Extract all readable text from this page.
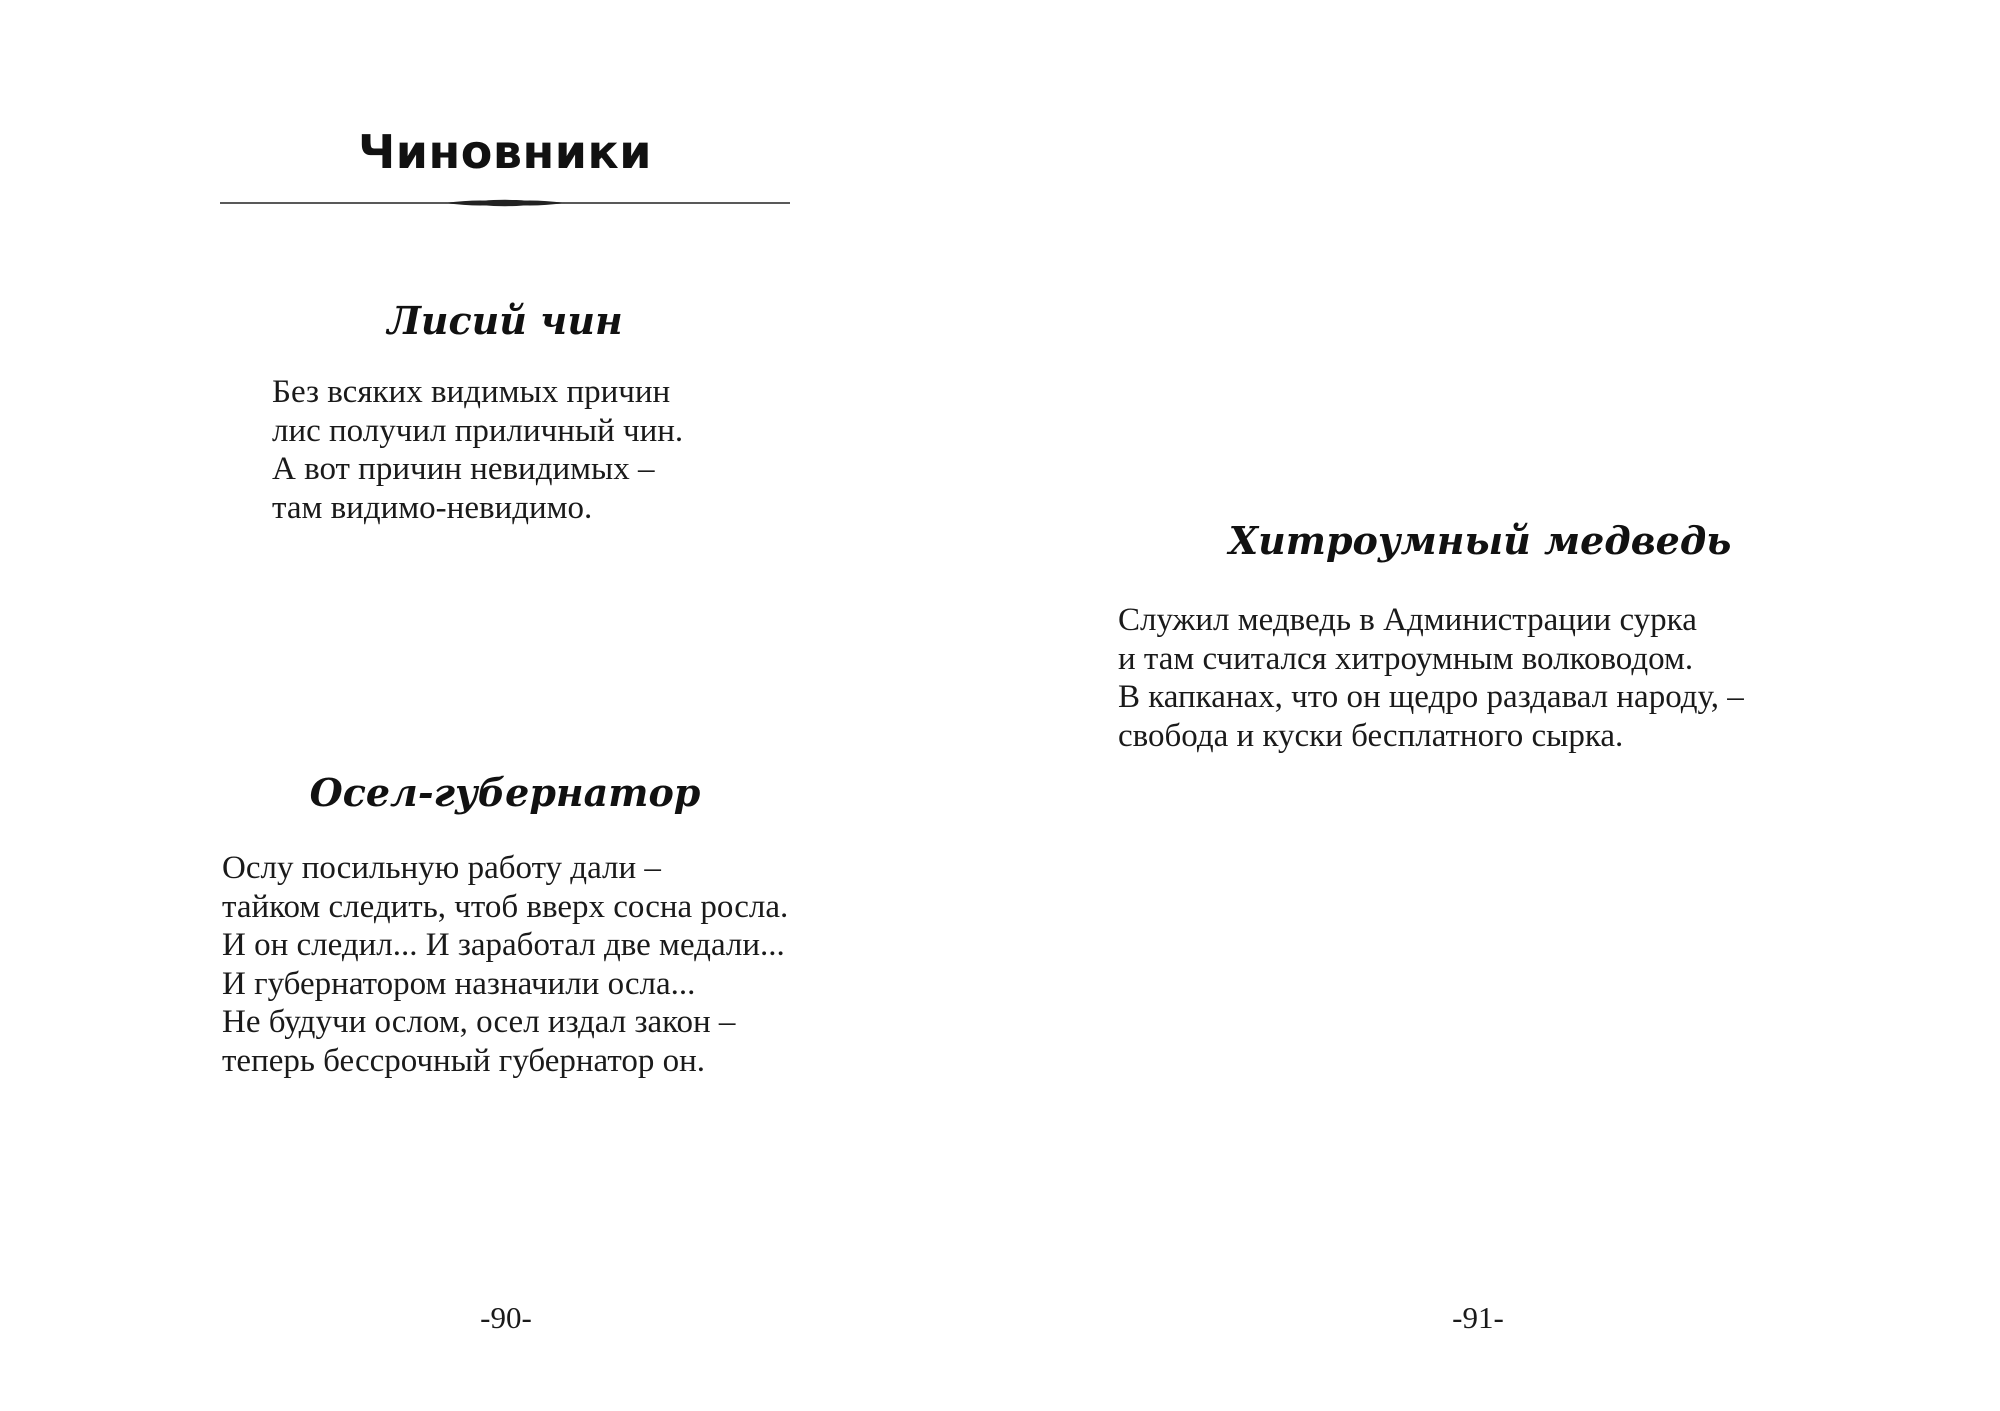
Чиновники
Лисий чин

Без всяких видимых причин
лис получил приличный чин.
А вот причин невидимых –
там видимо-невидимо.

Осел-губернатор

Ослу посильную работу дали –
тайком следить, чтоб вверх сосна росла.
И он следил... И заработал две медали...
И губернатором назначили осла...
Не будучи ослом, осел издал закон –
теперь бессрочный губернатор он.

-90-

Хитроумный медведь

Служил медведь в Администрации сурка
и там считался хитроумным волководом.
В капканах, что он щедро раздавал народу, –
свобода и куски бесплатного сырка.

-91-
